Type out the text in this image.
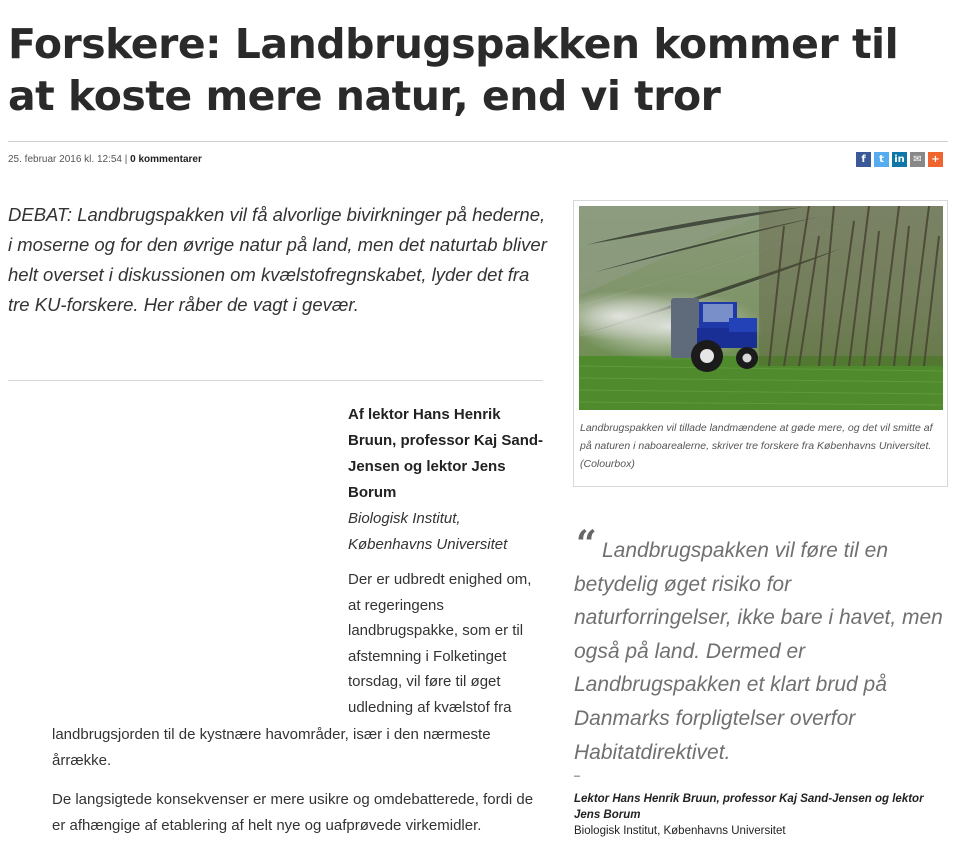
Forskere: Landbrugspakken kommer til at koste mere natur, end vi tror
25. februar 2016 kl. 12:54 | 0 kommentarer	f	t	in ✉ +

DEBAT: Landbrugspakken vil få alvorlige bivirkninger på hederne, i moserne og for den øvrige natur på land, men det naturtab bliver helt overset i diskussionen om kvælstofregnskabet, lyder det fra tre KU-forskere. Her råber de vagt i gevær.

Af lektor Hans Henrik Bruun, professor Kaj Sand-Jensen og lektor Jens Borum
Biologisk Institut, Københavns Universitet

Der er udbredt enighed om, at regeringens landbrugspakke, som er til afstemning i Folketinget torsdag, vil føre til øget udledning af kvælstof fra

landbrugsjorden til de kystnære havområder, især i den nærmeste årrække.

De langsigtede konsekvenser er mere usikre og omdebatterede, fordi de er afhængige af etablering af helt nye og uafprøvede virkemidler.

Landbrugspakken vil tillade landmændene at gøde mere, og det vil smitte af på naturen i naboarealerne, skriver tre forskere fra Københavns Universitet. (Colourbox)

“ Landbrugspakken vil føre til en betydelig øget risiko for naturforringelser, ikke bare i havet, men også på land. Dermed er Landbrugspakken et klart brud på Danmarks forpligtelser overfor Habitatdirektivet.
–
Lektor Hans Henrik Bruun, professor Kaj Sand-Jensen og lektor Jens Borum
Biologisk Institut, Københavns Universitet
